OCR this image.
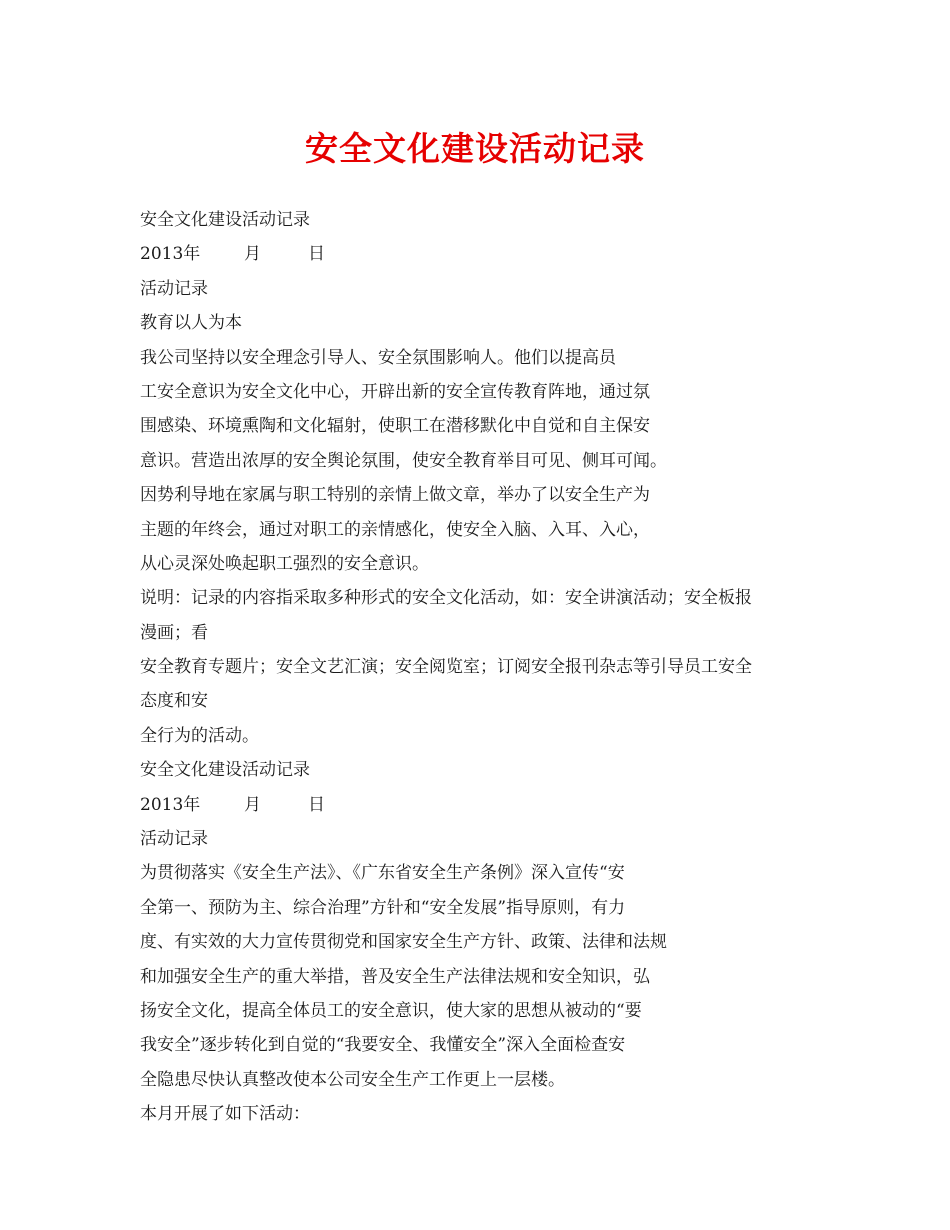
安全文化建设活动记录

安全文化建设活动记录

2013年	月	日

活动记录

教育以人为本

我公司坚持以安全理念引导人、安全氛围影响人。他们以提高员

工安全意识为安全文化中心，开辟出新的安全宣传教育阵地，通过氛

围感染、环境熏陶和文化辐射，使职工在潜移默化中自觉和自主保安

意识。营造出浓厚的安全舆论氛围，使安全教育举目可见、侧耳可闻。

因势利导地在家属与职工特别的亲情上做文章，举办了以安全生产为

主题的年终会，通过对职工的亲情感化，使安全入脑、入耳、入心，

从心灵深处唤起职工强烈的安全意识。

说明：记录的内容指采取多种形式的安全文化活动，如：安全讲演活动；安全板报

漫画；看

安全教育专题片；安全文艺汇演；安全阅览室；订阅安全报刊杂志等引导员工安全

态度和安

全行为的活动。

安全文化建设活动记录

2013年	月	日

活动记录

为贯彻落实《安全生产法》、《广东省安全生产条例》深入宣传“安

全第一、预防为主、综合治理”方针和“安全发展”指导原则，有力

度、有实效的大力宣传贯彻党和国家安全生产方针、政策、法律和法规

和加强安全生产的重大举措，普及安全生产法律法规和安全知识，弘

扬安全文化，提高全体员工的安全意识，使大家的思想从被动的“要

我安全”逐步转化到自觉的“我要安全、我懂安全”深入全面检查安

全隐患尽快认真整改使本公司安全生产工作更上一层楼。

本月开展了如下活动：
